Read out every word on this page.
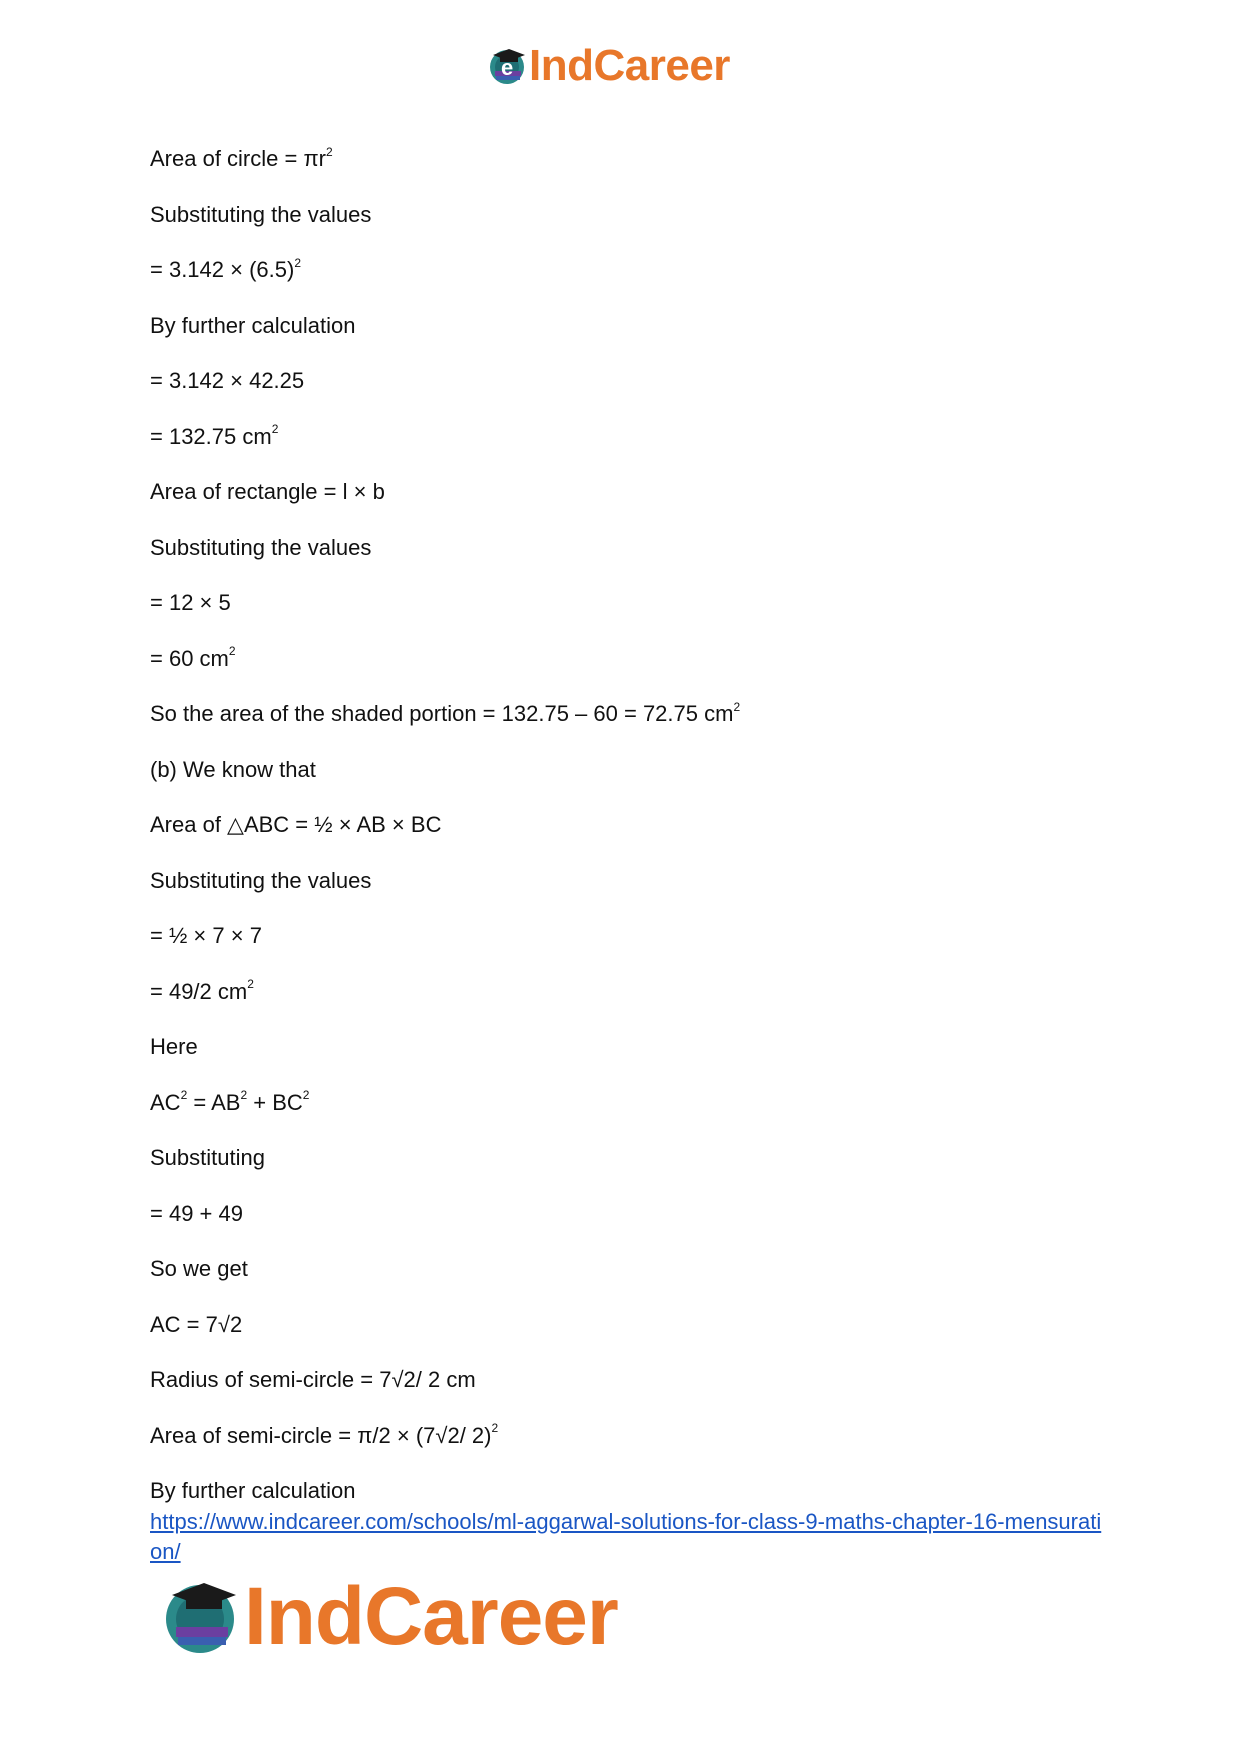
e IndCareer
Area of circle = $\pi r^2$
Substituting the values
= $3.142 \times (6.5)^2$
By further calculation
= 3.142 × 42.25
= 132.75 $cm^2$
Area of rectangle = l × b
Substituting the values
= 12 × 5
= 60 $cm^2$
So the area of the shaded portion = 132.75 – 60 = 72.75 $cm^2$
(b) We know that
Area of △ABC = ½ × AB × BC
Substituting the values
= ½ × 7 × 7
= 49/2 $cm^2$
Here
$AC^2 = AB^2 + BC^2$
Substituting
= 49 + 49
So we get
AC = 7√2
Radius of semi-circle = 7√2/ 2 cm
Area of semi-circle = π/2 × (7√2/ 2)$^2$
By further calculation
https://www.indcareer.com/schools/ml-aggarwal-solutions-for-class-9-maths-chapter-16-mensuration/
IndCareer
